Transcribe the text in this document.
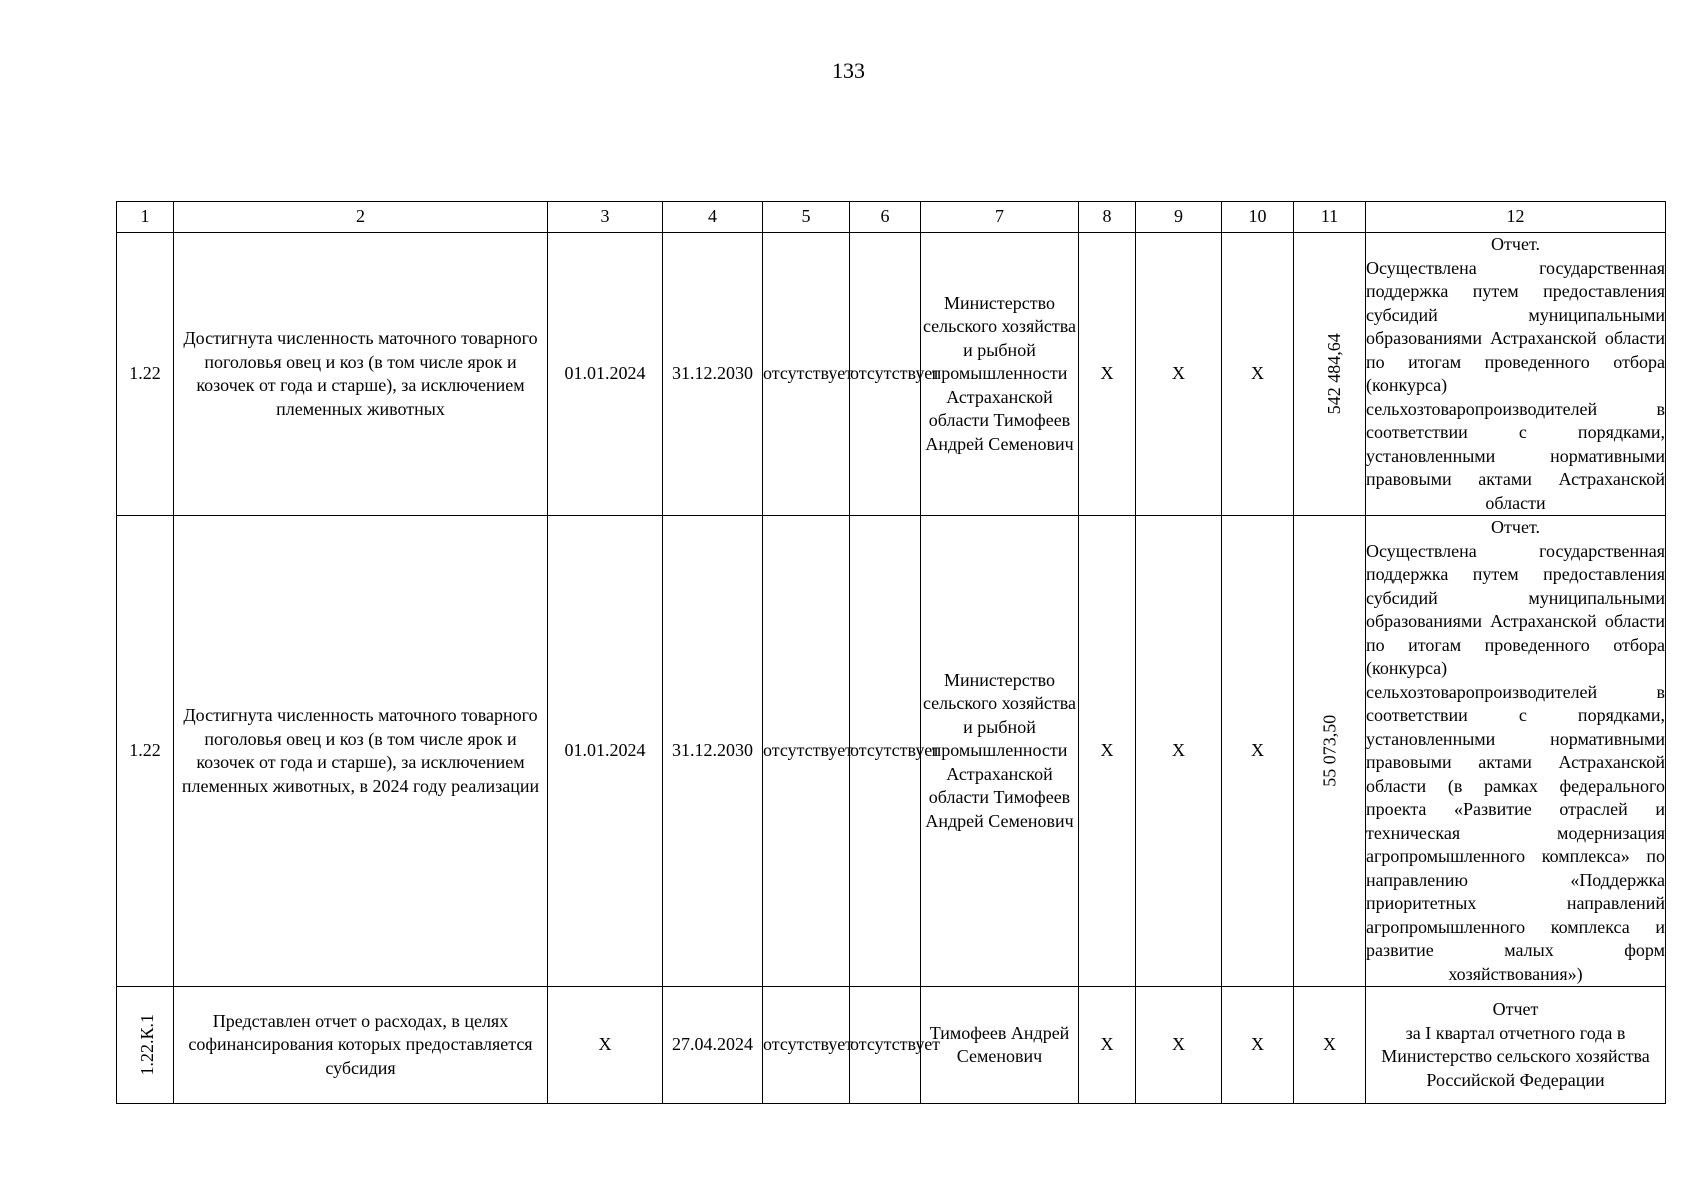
133
1	2	3	4	5	6	7	8	9	10	11	12
1.22	Достигнута численность маточного товарного поголовья овец и коз (в том числе ярок и козочек от года и старше), за исключением племенных животных	01.01.2024	31.12.2030	отсутствует	отсутствует	Министерство сельского хозяйства и рыбной промышленности Астраханской области Тимофеев Андрей Семенович	Х	Х	Х	542 484,64	Отчет.
Осуществлена государственная поддержка путем предоставления субсидий муниципальными образованиями Астраханской области по итогам проведенного отбора (конкурса) сельхозтоваропроизводителей в соответствии с порядками, установленными нормативными правовыми актами Астраханской области

1.22	Достигнута численность маточного товарного поголовья овец и коз (в том числе ярок и козочек от года и старше), за исключением племенных животных, в 2024 году реализации	01.01.2024	31.12.2030	отсутствует	отсутствует	Министерство сельского хозяйства и рыбной промышленности Астраханской области Тимофеев Андрей Семенович	Х	Х	Х	55 073,50	Отчет.
Осуществлена государственная поддержка путем предоставления субсидий муниципальными образованиями Астраханской области по итогам проведенного отбора (конкурса) сельхозтоваропроизводителей в соответствии с порядками, установленными нормативными правовыми актами Астраханской области (в рамках федерального проекта «Развитие отраслей и техническая модернизация агропромышленного комплекса» по направлению «Поддержка приоритетных направлений агропромышленного комплекса и развитие малых форм хозяйствования»)

1.22.К.1	Представлен отчет о расходах, в целях софинансирования которых предоставляется субсидия	Х	27.04.2024	отсутствует	отсутствует	Тимофеев Андрей Семенович	Х	Х	Х	Х	Отчет
за I квартал отчетного года в Министерство сельского хозяйства Российской Федерации
